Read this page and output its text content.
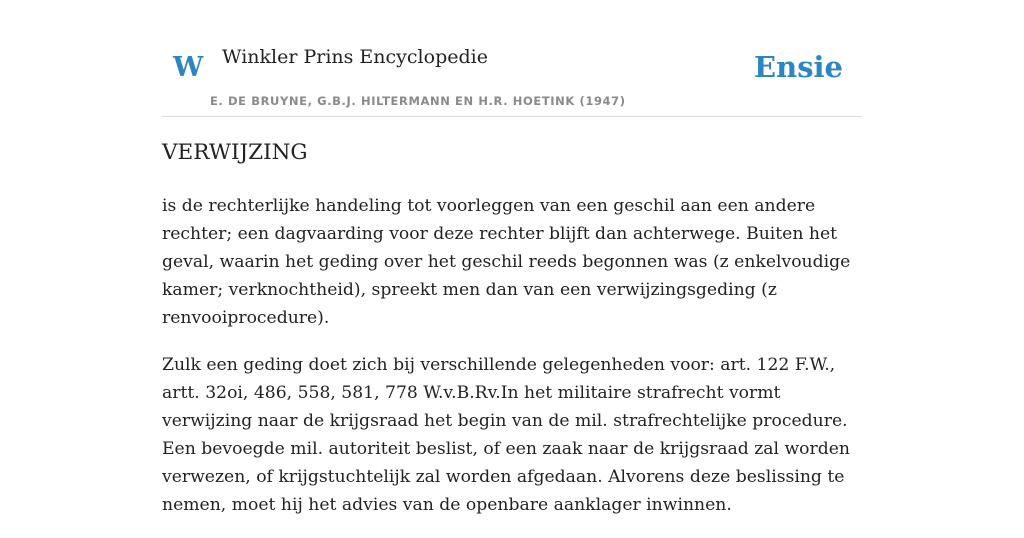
W Winkler Prins Encyclopedie
E. DE BRUYNE, G.B.J. HILTERMANN EN H.R. HOETINK (1947)
Ensie
VERWIJZING

is de rechterlijke handeling tot voorleggen van een geschil aan een andere rechter; een dagvaarding voor deze rechter blijft dan achterwege. Buiten het geval, waarin het geding over het geschil reeds begonnen was (z enkelvoudige kamer; verknochtheid), spreekt men dan van een verwijzingsgeding (z renvooiprocedure).

Zulk een geding doet zich bij verschillende gelegenheden voor: art. 122 F.W., artt. 32oi, 486, 558, 581, 778 W.v.B.Rv.In het militaire strafrecht vormt verwijzing naar de krijgsraad het begin van de mil. strafrechtelijke procedure. Een bevoegde mil. autoriteit beslist, of een zaak naar de krijgsraad zal worden verwezen, of krijgstuchtelijk zal worden afgedaan. Alvorens deze beslissing te nemen, moet hij het advies van de openbare aanklager inwinnen.
